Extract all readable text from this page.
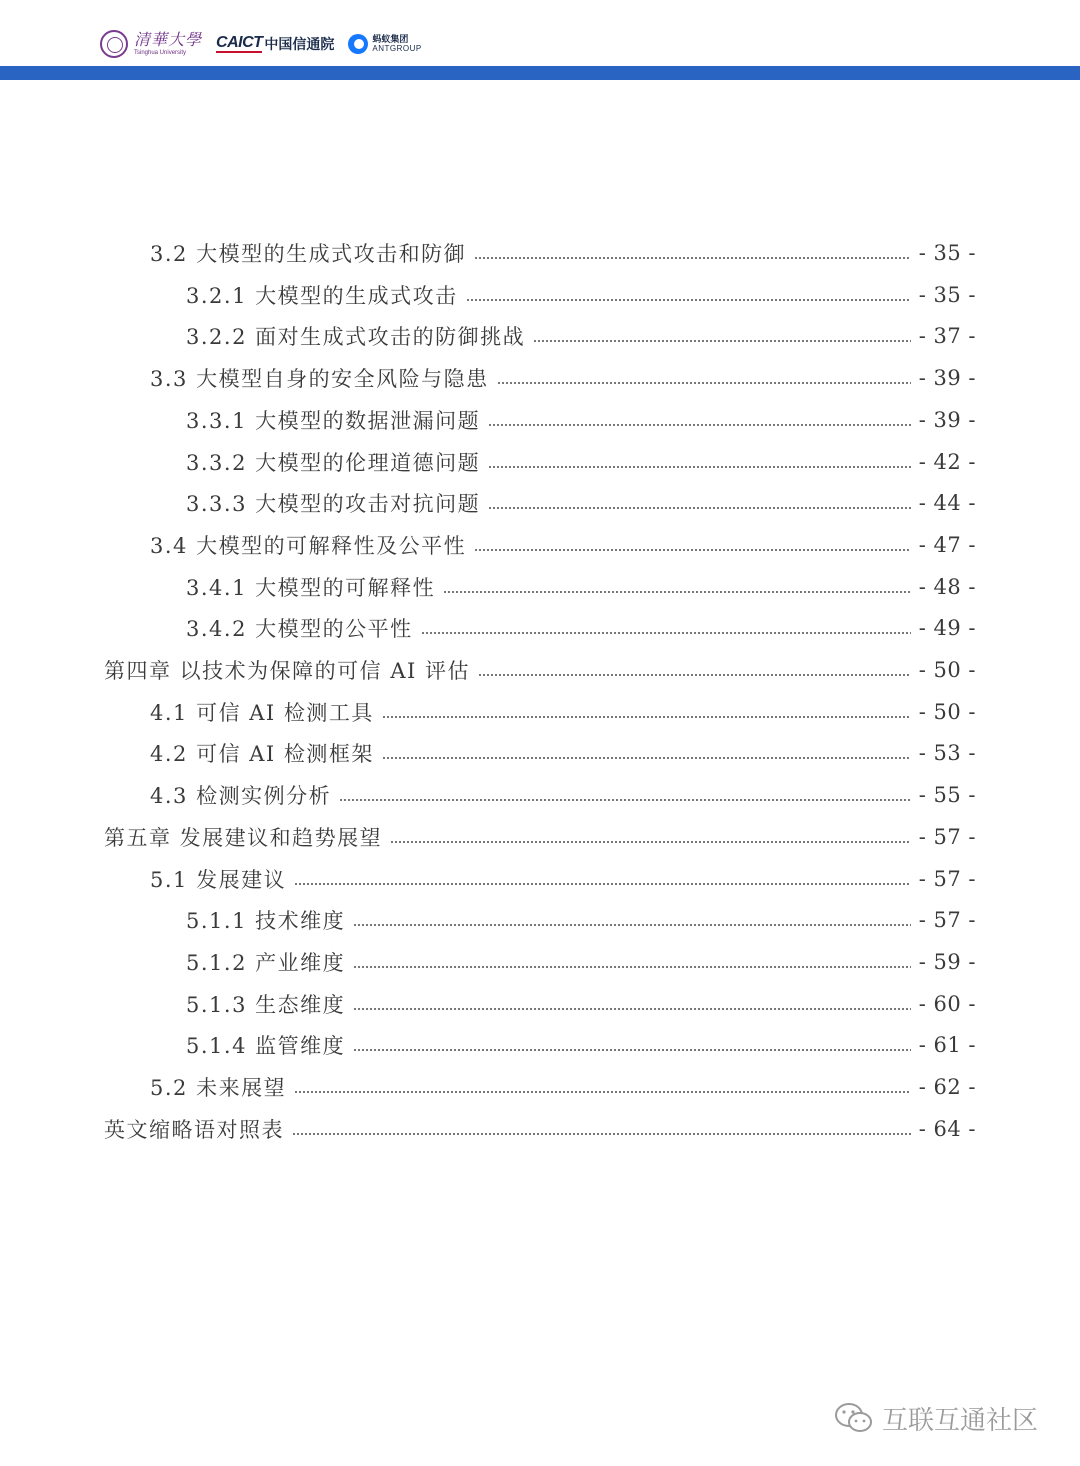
清華大學
Tsinghua University
CAICT 中国信通院	蚂蚁集团
ANTGROUP
3.2 大模型的生成式攻击和防御	- 35 -
3.2.1 大模型的生成式攻击	- 35 -
3.2.2 面对生成式攻击的防御挑战	- 37 -
3.3 大模型自身的安全风险与隐患	- 39 -
3.3.1 大模型的数据泄漏问题	- 39 -
3.3.2 大模型的伦理道德问题	- 42 -
3.3.3 大模型的攻击对抗问题	- 44 -
3.4 大模型的可解释性及公平性	- 47 -
3.4.1 大模型的可解释性	- 48 -
3.4.2 大模型的公平性	- 49 -
第四章 以技术为保障的可信 AI 评估	- 50 -
4.1 可信 AI 检测工具	- 50 -
4.2 可信 AI 检测框架	- 53 -
4.3 检测实例分析	- 55 -
第五章 发展建议和趋势展望	- 57 -
5.1 发展建议	- 57 -
5.1.1 技术维度	- 57 -
5.1.2 产业维度	- 59 -
5.1.3 生态维度	- 60 -
5.1.4 监管维度	- 61 -
5.2 未来展望	- 62 -
英文缩略语对照表	- 64 -
互联互通社区
